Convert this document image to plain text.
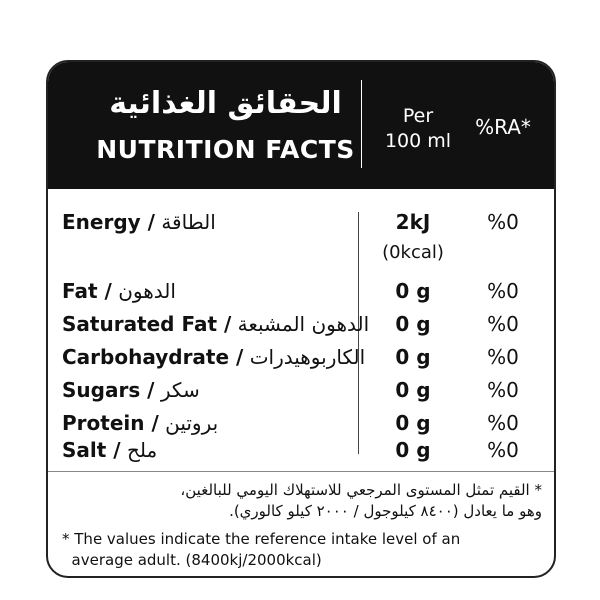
الحقائق الغذائية
NUTRITION FACTS
Per
100 ml
%RA*
Energy / الطاقة	2kJ	%0
(0kcal)
Fat / الدهون	0 g	%0
Saturated Fat / الدهون المشبعة	0 g	%0
Carbohaydrate / الكاربوهيدرات	0 g	%0
Sugars / سكر	0 g	%0
Protein / بروتين	0 g	%0
Salt / ملح	0 g	%0
* القيم تمثل المستوى المرجعي للاستهلاك اليومي للبالغين،
وهو ما يعادل (٨٤٠٠ كيلوجول / ٢٠٠٠ كيلو كالوري).
* The values indicate the reference intake level of an
average adult. (8400kj/2000kcal)
